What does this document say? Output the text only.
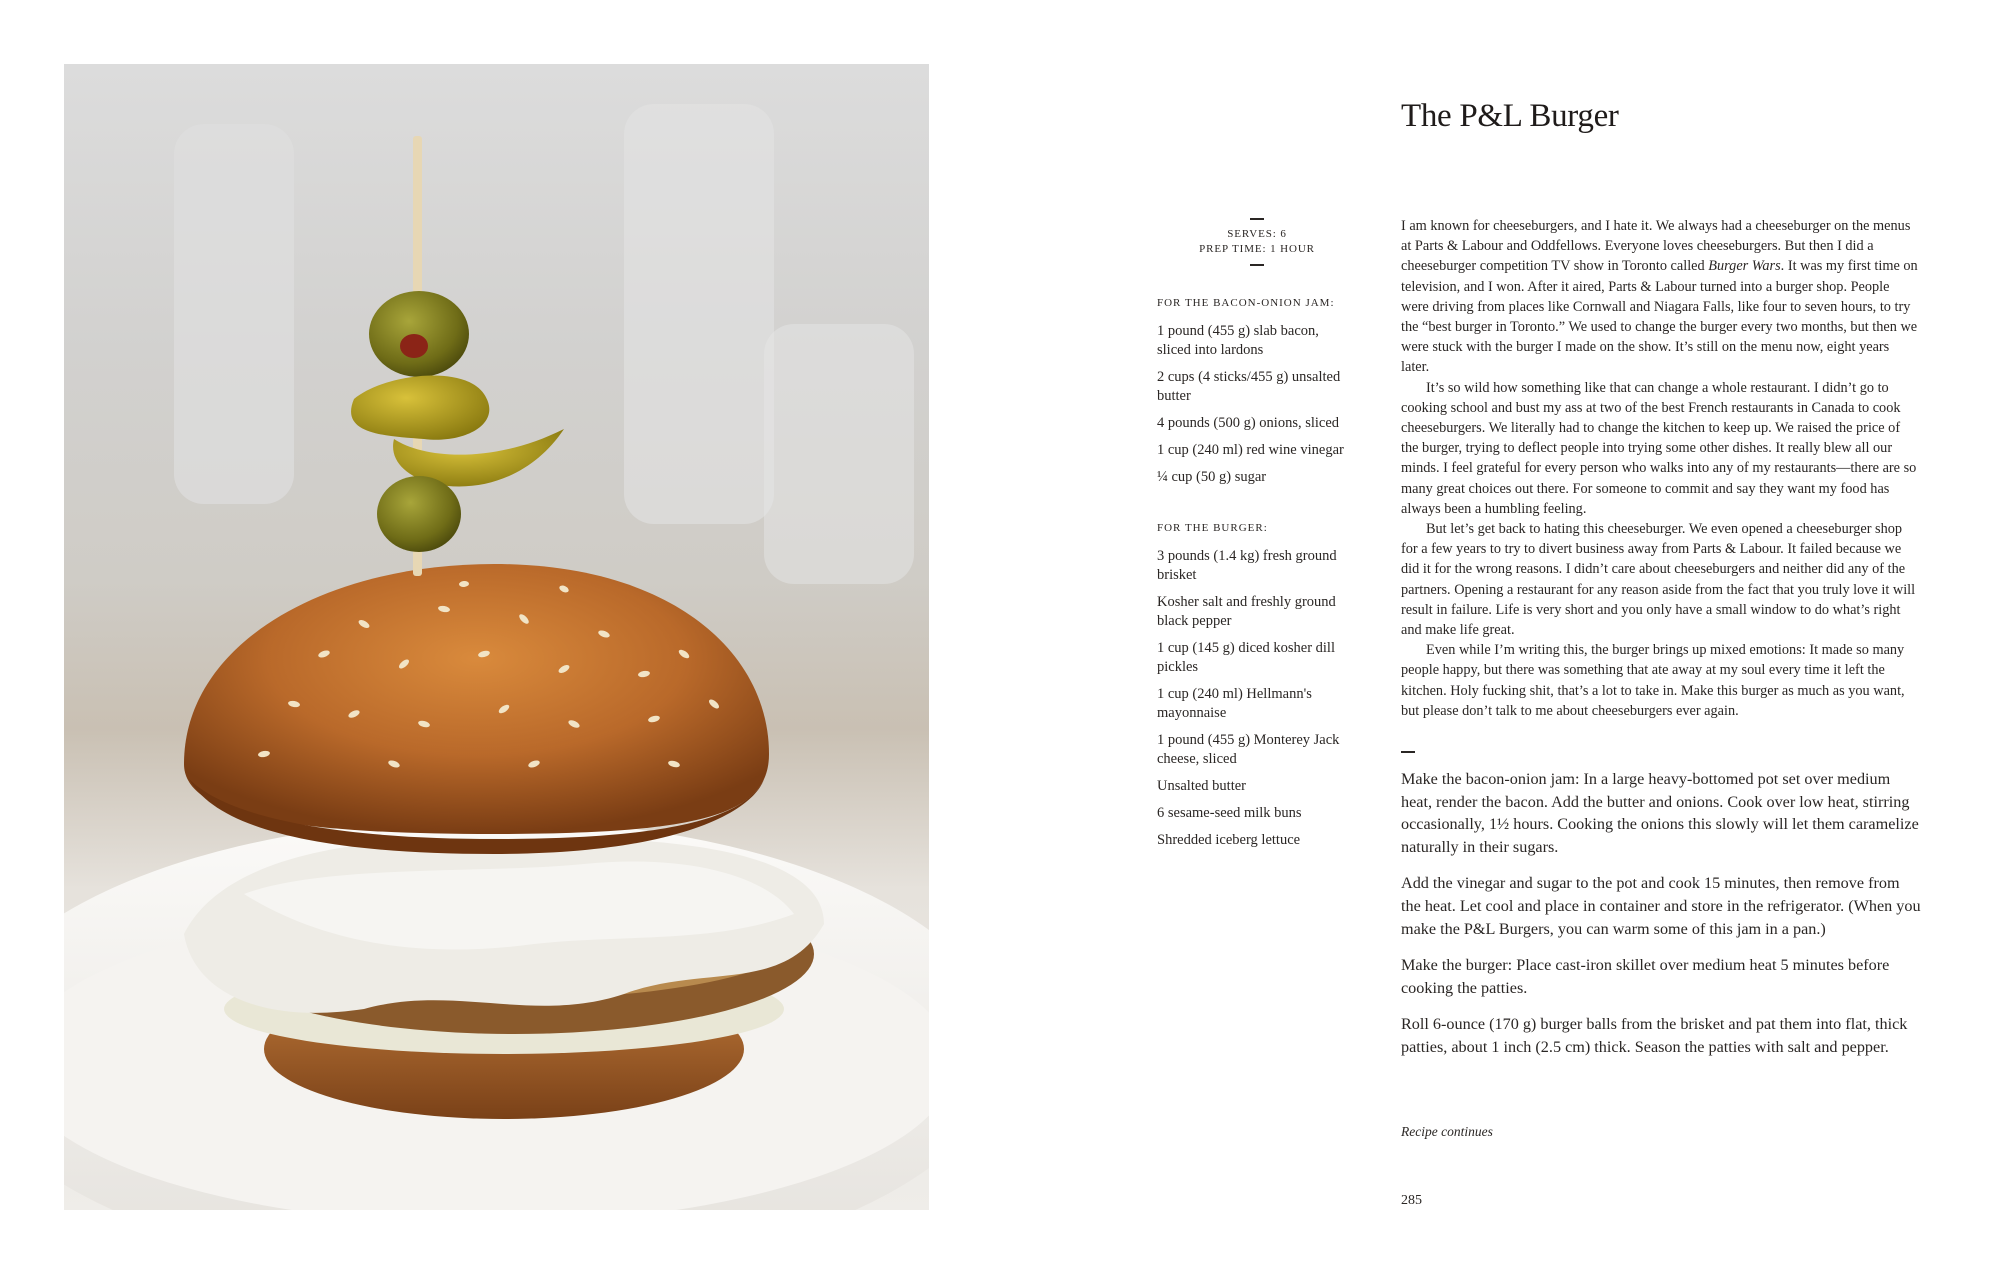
The P&L Burger
SERVES: 6
PREP TIME: 1 HOUR
FOR THE BACON-ONION JAM:
1 pound (455 g) slab bacon, sliced into lardons
2 cups (4 sticks/455 g) unsalted butter
4 pounds (500 g) onions, sliced
1 cup (240 ml) red wine vinegar
¼ cup (50 g) sugar
FOR THE BURGER:
3 pounds (1.4 kg) fresh ground brisket
Kosher salt and freshly ground black pepper
1 cup (145 g) diced kosher dill pickles
1 cup (240 ml) Hellmann's mayonnaise
1 pound (455 g) Monterey Jack cheese, sliced
Unsalted butter
6 sesame-seed milk buns
Shredded iceberg lettuce

I am known for cheeseburgers, and I hate it. We always had a cheeseburger on the menus at Parts & Labour and Oddfellows. Everyone loves cheeseburgers. But then I did a cheeseburger competition TV show in Toronto called Burger Wars. It was my first time on television, and I won. After it aired, Parts & Labour turned into a burger shop. People were driving from places like Cornwall and Niagara Falls, like four to seven hours, to try the “best burger in Toronto.” We used to change the burger every two months, but then we were stuck with the burger I made on the show. It’s still on the menu now, eight years later.

It’s so wild how something like that can change a whole restaurant. I didn’t go to cooking school and bust my ass at two of the best French restaurants in Canada to cook cheeseburgers. We literally had to change the kitchen to keep up. We raised the price of the burger, trying to deflect people into trying some other dishes. It really blew all our minds. I feel grateful for every person who walks into any of my restaurants—there are so many great choices out there. For someone to commit and say they want my food has always been a humbling feeling.

But let’s get back to hating this cheeseburger. We even opened a cheeseburger shop for a few years to try to divert business away from Parts & Labour. It failed because we did it for the wrong reasons. I didn’t care about cheeseburgers and neither did any of the partners. Opening a restaurant for any reason aside from the fact that you truly love it will result in failure. Life is very short and you only have a small window to do what’s right and make life great.

Even while I’m writing this, the burger brings up mixed emotions: It made so many people happy, but there was something that ate away at my soul every time it left the kitchen. Holy fucking shit, that’s a lot to take in. Make this burger as much as you want, but please don’t talk to me about cheeseburgers ever again.

Make the bacon-onion jam: In a large heavy-bottomed pot set over medium heat, render the bacon. Add the butter and onions. Cook over low heat, stirring occasionally, 1½ hours. Cooking the onions this slowly will let them caramelize naturally in their sugars.

Add the vinegar and sugar to the pot and cook 15 minutes, then remove from the heat. Let cool and place in container and store in the refrigerator. (When you make the P&L Burgers, you can warm some of this jam in a pan.)

Make the burger: Place cast-iron skillet over medium heat 5 minutes before cooking the patties.

Roll 6-ounce (170 g) burger balls from the brisket and pat them into flat, thick patties, about 1 inch (2.5 cm) thick. Season the patties with salt and pepper.

Recipe continues
285
